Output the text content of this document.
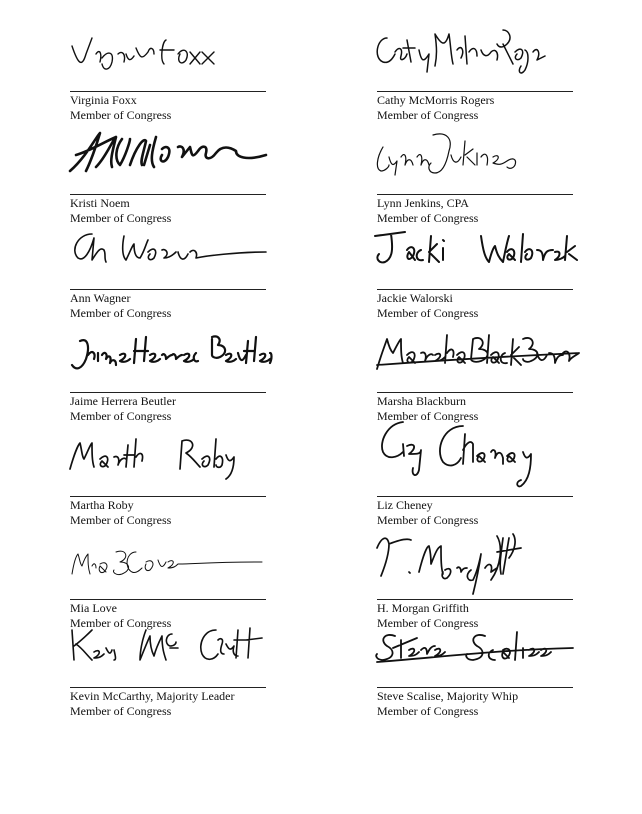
Virginia Foxx
Member of Congress
Cathy McMorris Rogers
Member of Congress
Kristi Noem
Member of Congress
Lynn Jenkins, CPA
Member of Congress
Ann Wagner
Member of Congress
Jackie Walorski
Member of Congress
Jaime Herrera Beutler
Member of Congress
Marsha Blackburn
Member of Congress
Martha Roby
Member of Congress
Liz Cheney
Member of Congress
Mia Love
Member of Congress
H. Morgan Griffith
Member of Congress
Kevin McCarthy, Majority Leader
Member of Congress
Steve Scalise, Majority Whip
Member of Congress
